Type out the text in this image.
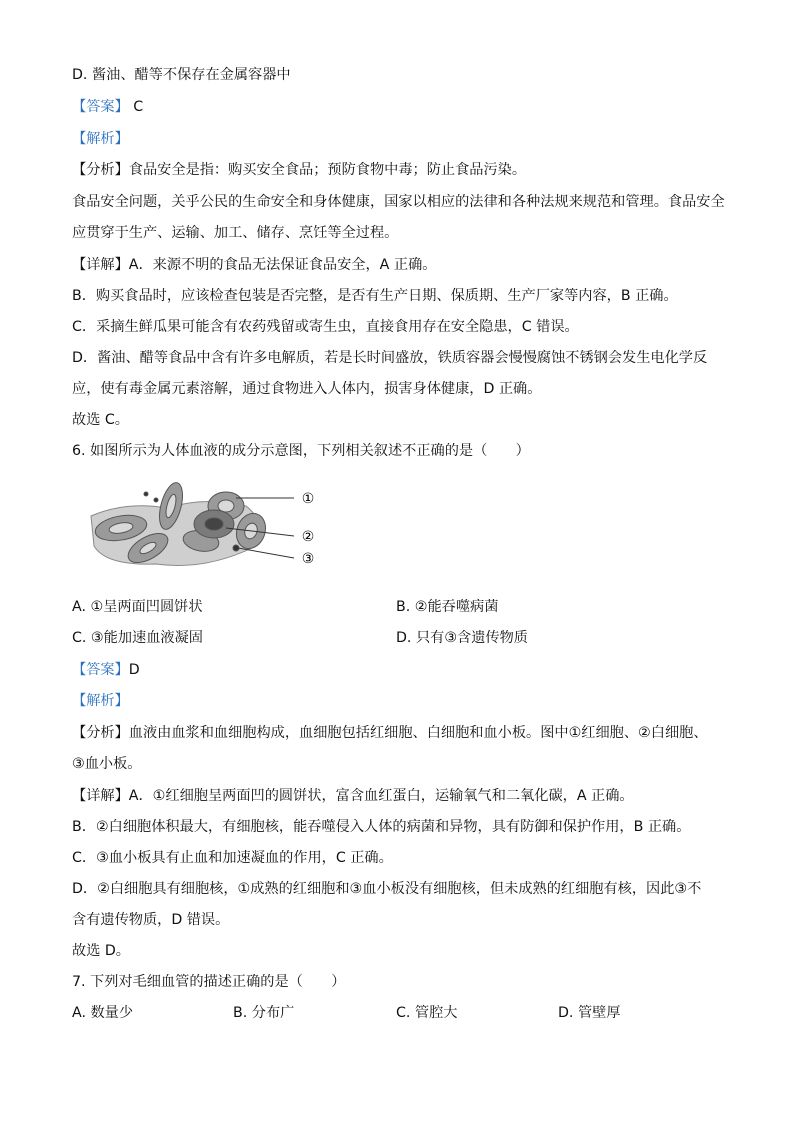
D. 酱油、醋等不保存在金属容器中
【答案】 C
【解析】
【分析】食品安全是指：购买安全食品；预防食物中毒；防止食品污染。
食品安全问题，关乎公民的生命安全和身体健康，国家以相应的法律和各种法规来规范和管理。食品安全
应贯穿于生产、运输、加工、储存、烹饪等全过程。
【详解】A．来源不明的食品无法保证食品安全，A 正确。
B．购买食品时，应该检查包装是否完整，是否有生产日期、保质期、生产厂家等内容，B 正确。
C．采摘生鲜瓜果可能含有农药残留或寄生虫，直接食用存在安全隐患，C 错误。
D．酱油、醋等食品中含有许多电解质，若是长时间盛放，铁质容器会慢慢腐蚀不锈钢会发生电化学反
应，使有毒金属元素溶解，通过食物进入人体内，损害身体健康，D 正确。
故选 C。
6. 如图所示为人体血液的成分示意图，下列相关叙述不正确的是（　　）
①
②
③
A. ①呈两面凹圆饼状	B. ②能吞噬病菌
C. ③能加速血液凝固	D. 只有③含遗传物质
【答案】D
【解析】
【分析】血液由血浆和血细胞构成，血细胞包括红细胞、白细胞和血小板。图中①红细胞、②白细胞、
③血小板。
【详解】A．①红细胞呈两面凹的圆饼状，富含血红蛋白，运输氧气和二氧化碳，A 正确。
B．②白细胞体积最大，有细胞核，能吞噬侵入人体的病菌和异物，具有防御和保护作用，B 正确。
C．③血小板具有止血和加速凝血的作用，C 正确。
D．②白细胞具有细胞核，①成熟的红细胞和③血小板没有细胞核，但未成熟的红细胞有核，因此③不
含有遗传物质，D 错误。
故选 D。
7. 下列对毛细血管的描述正确的是（　　）
A. 数量少	B. 分布广	C. 管腔大	D. 管壁厚
